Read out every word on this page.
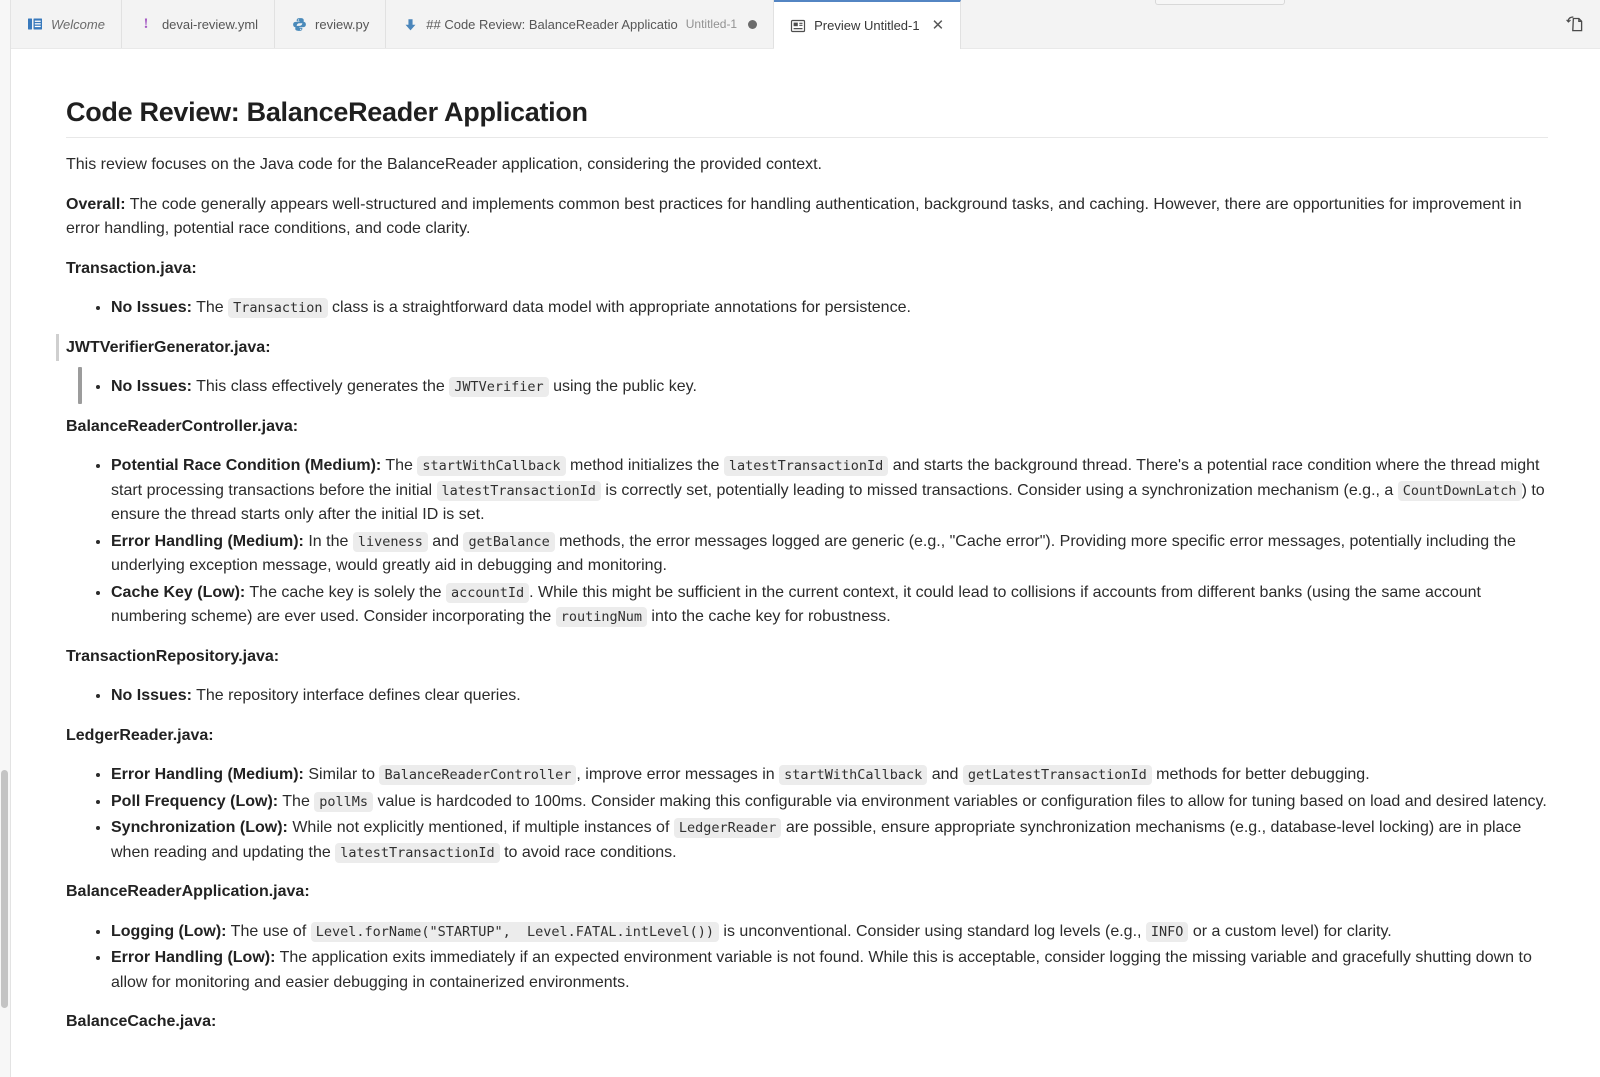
Welcome	!	devai-review.yml	review.py	## Code Review: BalanceReader Applicatio Untitled-1	Preview Untitled-1 ✕
Code Review: BalanceReader Application

This review focuses on the Java code for the BalanceReader application, considering the provided context.

Overall: The code generally appears well-structured and implements common best practices for handling authentication, background tasks, and caching. However, there are opportunities for improvement in error handling, potential race conditions, and code clarity.

Transaction.java:

• No Issues: The Transaction class is a straightforward data model with appropriate annotations for persistence.

JWTVerifierGenerator.java:

• No Issues: This class effectively generates the JWTVerifier using the public key.

BalanceReaderController.java:

• Potential Race Condition (Medium): The startWithCallback method initializes the latestTransactionId and starts the background thread. There's a potential race condition where the thread might start processing transactions before the initial latestTransactionId is correctly set, potentially leading to missed transactions. Consider using a synchronization mechanism (e.g., a CountDownLatch ) to ensure the thread starts only after the initial ID is set.
• Error Handling (Medium): In the liveness and getBalance methods, the error messages logged are generic (e.g., "Cache error"). Providing more specific error messages, potentially including the underlying exception message, would greatly aid in debugging and monitoring.
• Cache Key (Low): The cache key is solely the accountId . While this might be sufficient in the current context, it could lead to collisions if accounts from different banks (using the same account numbering scheme) are ever used. Consider incorporating the routingNum into the cache key for robustness.

TransactionRepository.java:

• No Issues: The repository interface defines clear queries.

LedgerReader.java:

• Error Handling (Medium): Similar to BalanceReaderController , improve error messages in startWithCallback and getLatestTransactionId methods for better debugging.
• Poll Frequency (Low): The pollMs value is hardcoded to 100ms. Consider making this configurable via environment variables or configuration files to allow for tuning based on load and desired latency.
• Synchronization (Low): While not explicitly mentioned, if multiple instances of LedgerReader are possible, ensure appropriate synchronization mechanisms (e.g., database-level locking) are in place when reading and updating the latestTransactionId to avoid race conditions.

BalanceReaderApplication.java:

• Logging (Low): The use of Level.forName("STARTUP",  Level.FATAL.intLevel()) is unconventional. Consider using standard log levels (e.g., INFO or a custom level) for clarity.
• Error Handling (Low): The application exits immediately if an expected environment variable is not found. While this is acceptable, consider logging the missing variable and gracefully shutting down to allow for monitoring and easier debugging in containerized environments.

BalanceCache.java:
